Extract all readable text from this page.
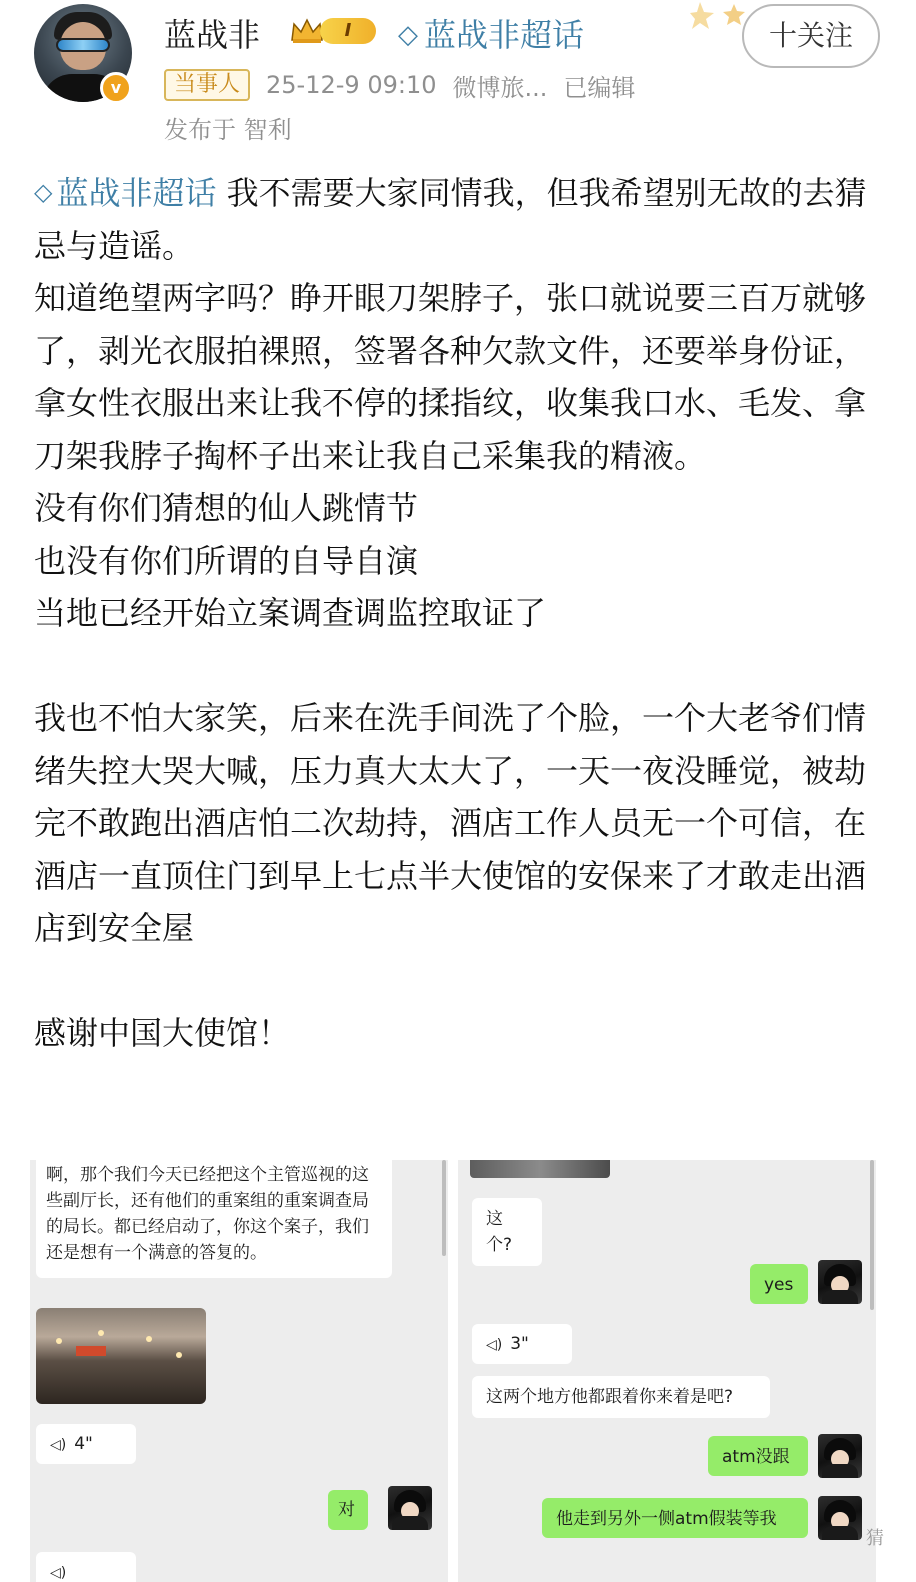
v
蓝战非	I	◇ 蓝战非超话	十关注
当事人	25-12-9 09:10 微博旅... 已编辑
发布于 智利

◇ 蓝战非超话 我不需要大家同情我，但我希望别无故的去猜忌与造谣。

知道绝望两字吗？睁开眼刀架脖子，张口就说要三百万就够了，剥光衣服拍裸照，签署各种欠款文件，还要举身份证，拿女性衣服出来让我不停的揉指纹，收集我口水、毛发、拿刀架我脖子掏杯子出来让我自己采集我的精液。

没有你们猜想的仙人跳情节

也没有你们所谓的自导自演

当地已经开始立案调查调监控取证了

我也不怕大家笑，后来在洗手间洗了个脸，一个大老爷们情绪失控大哭大喊，压力真大太大了，一天一夜没睡觉，被劫完不敢跑出酒店怕二次劫持，酒店工作人员无一个可信，在酒店一直顶住门到早上七点半大使馆的安保来了才敢走出酒店到安全屋

感谢中国大使馆！

啊，那个我们今天已经把这个主管巡视的这些副厅长，还有他们的重案组的重案调查局的局长。都已经启动了，你这个案子，我们还是想有一个满意的答复的。
◁) 4"
对
◁)
这个?
yes
◁) 3"
这两个地方他都跟着你来着是吧?
atm没跟
他走到另外一侧atm假装等我
猜
